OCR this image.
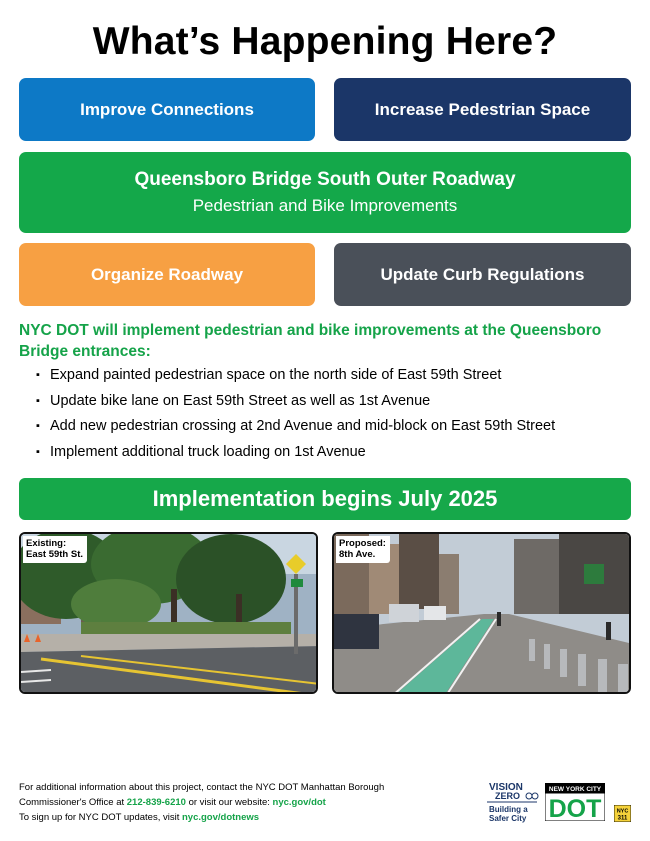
What’s Happening Here?
Improve Connections	Increase Pedestrian Space
Queensboro Bridge South Outer Roadway
Pedestrian and Bike Improvements
Organize Roadway	Update Curb Regulations
NYC DOT will implement pedestrian and bike improvements at the Queensboro Bridge entrances:
▪ Expand painted pedestrian space on the north side of East 59th Street
▪ Update bike lane on East 59th Street as well as 1st Avenue
▪ Add new pedestrian crossing at 2nd Avenue and mid-block on East 59th Street
▪ Implement additional truck loading on 1st Avenue
Implementation begins July 2025
Existing:
East 59th St.
Proposed:
8th Ave.
For additional information about this project, contact the NYC DOT Manhattan Borough
Commissioner's Office at 212-839-6210 or visit our website: nyc.gov/dot
To sign up for NYC DOT updates, visit nyc.gov/dotnews
VISION
ZERO
Building a
Safer City
NEW YORK CITY
DOT	NYC
311
